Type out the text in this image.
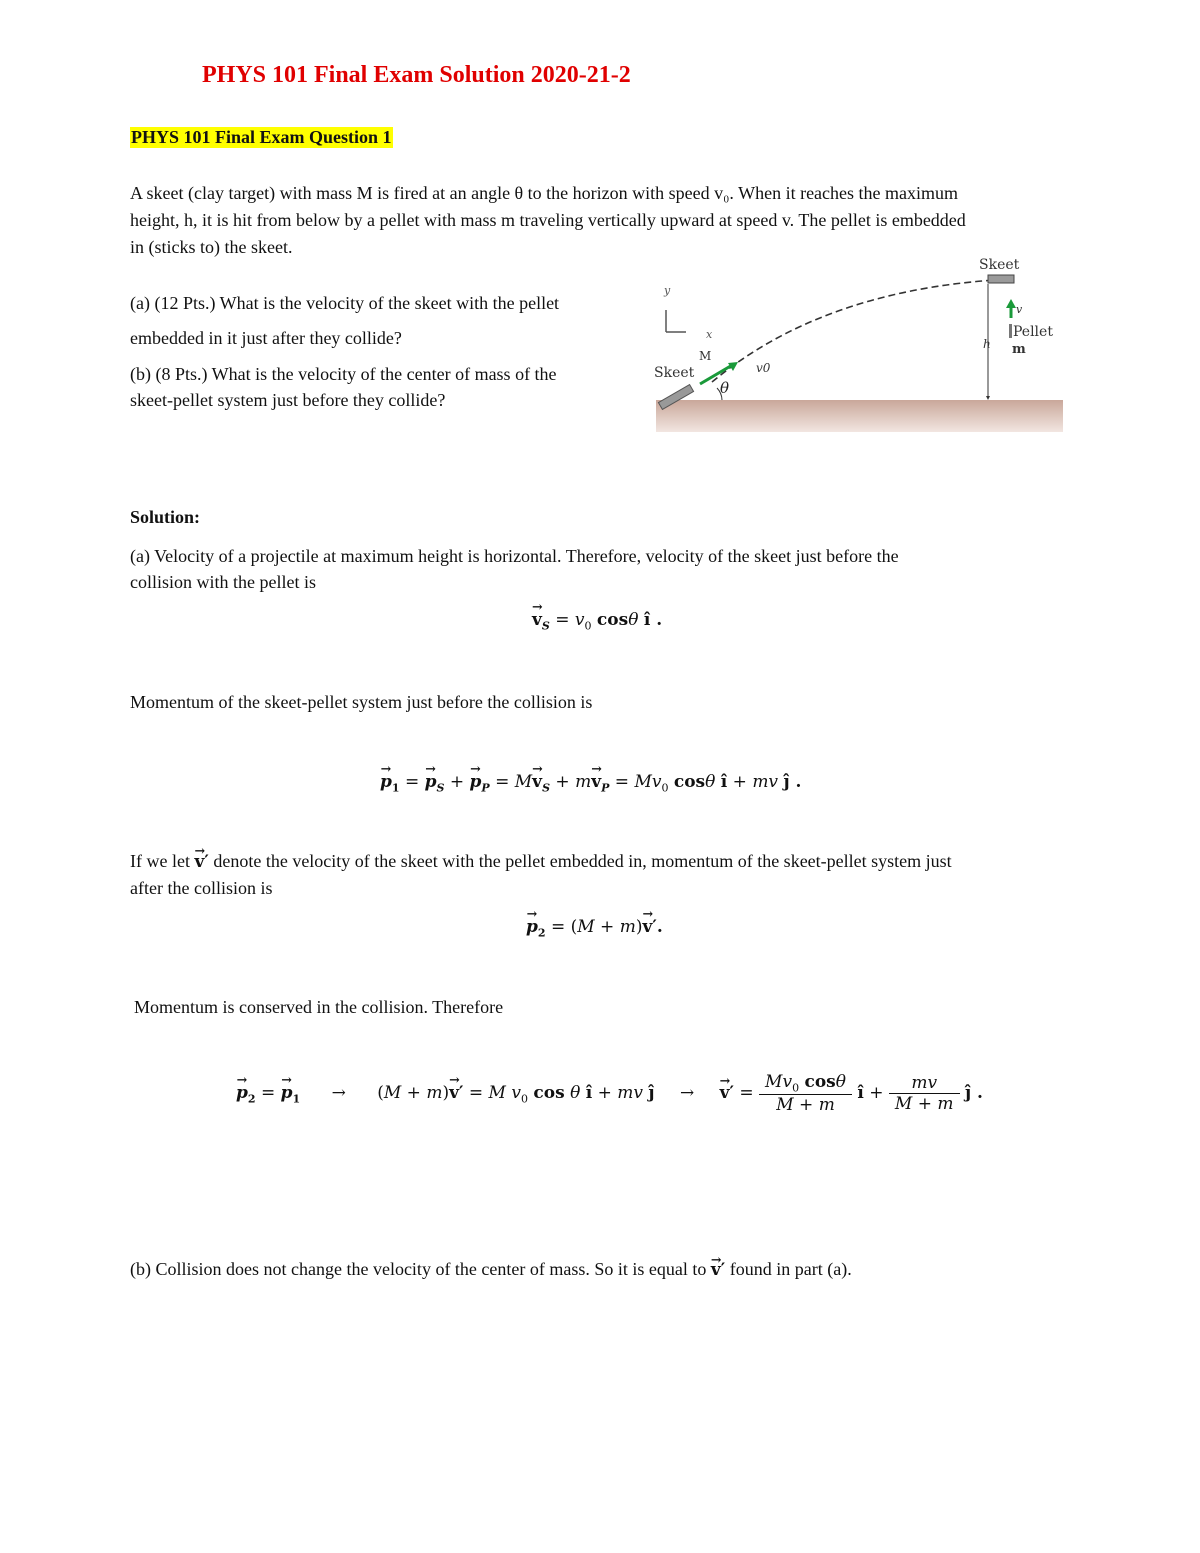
PHYS 101 Final Exam Solution 2020-21-2
PHYS 101 Final Exam Question 1
A skeet (clay target) with mass M is fired at an angle θ to the horizon with speed v₀. When it reaches the maximum
height, h, it is hit from below by a pellet with mass m traveling vertically upward at speed v. The pellet is embedded
in (sticks to) the skeet.
(a) (12 Pts.) What is the velocity of the skeet with the pellet
embedded in it just after they collide?
(b) (8 Pts.) What is the velocity of the center of mass of the
skeet-pellet system just before they collide?
y
x
θ
Skeet
M
v0
Skeet
h
v
Pellet
m
Solution:
(a) Velocity of a projectile at maximum height is horizontal. Therefore, velocity of the skeet just before the
collision with the pellet is
→ $v_S = v_0$ cosθ î .
Momentum of the skeet-pellet system just before the collision is
→ $p_1$ = → $p_S$ + → $p_P = M\to v_S + m\to v_P = Mv_0$ cosθ î + mv ĵ .
If we let → v′ denote the velocity of the skeet with the pellet embedded in, momentum of the skeet-pellet system just
after the collision is
→ $p_2 = (M + m)\to v'$.
Momentum is conserved in the collision. Therefore
→ $p_2$ = → $p_1 \to (M + m)\to v' = M$ $v_0$ cos θ î + mv ĵ → → $v' = \frac{Mv_0 \cos\theta}{M + m}$ î + $\frac{mv}{M + m}$ ĵ .
(b) Collision does not change the velocity of the center of mass. So it is equal to → v′ found in part (a).
